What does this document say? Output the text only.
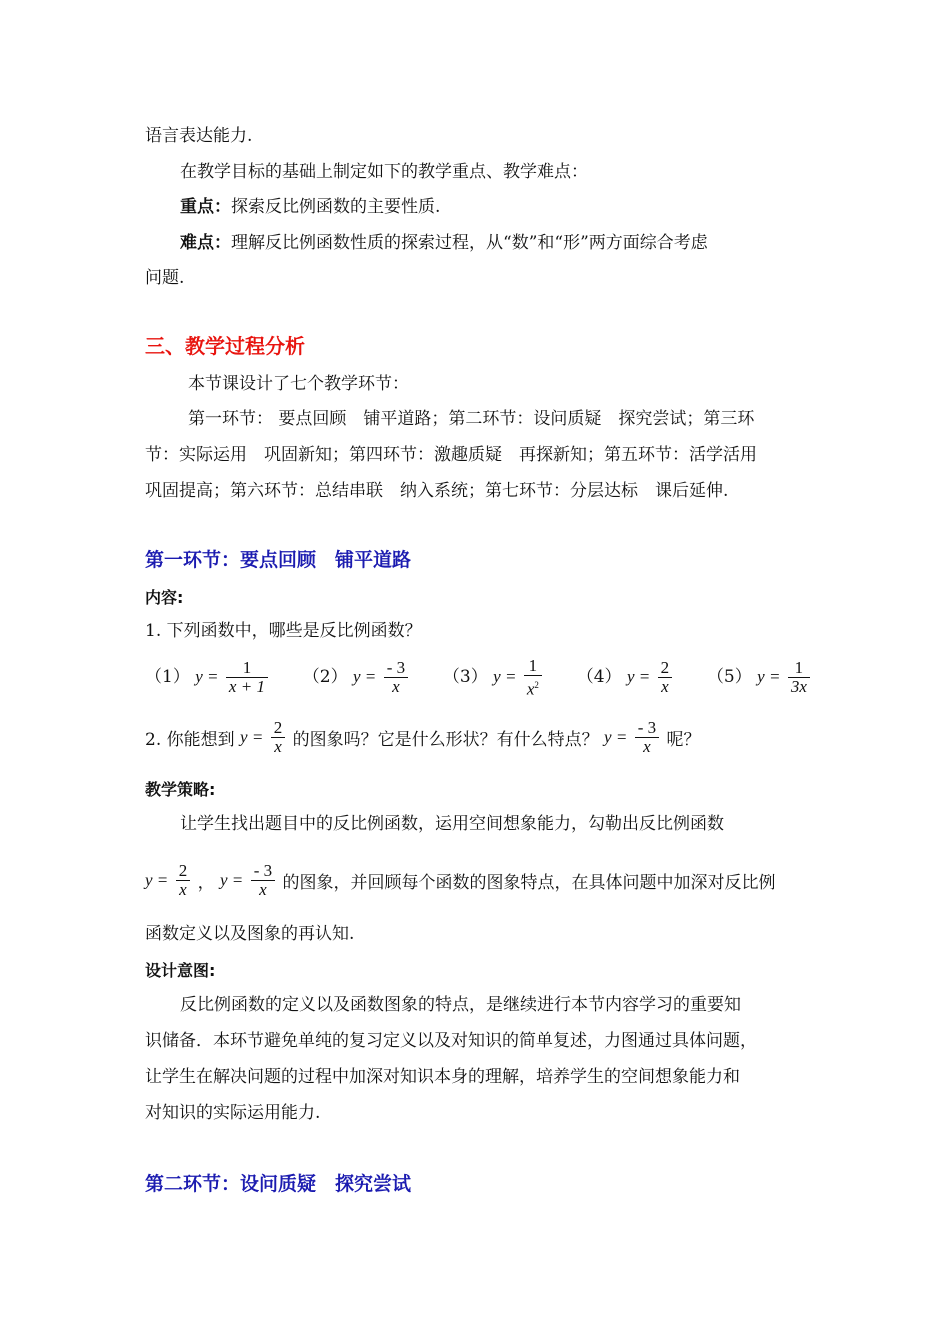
语言表达能力.
在教学目标的基础上制定如下的教学重点、教学难点：
重点：探索反比例函数的主要性质.
难点：理解反比例函数性质的探索过程，从“数”和“形”两方面综合考虑
问题.
三、教学过程分析
本节课设计了七个教学环节：
第一环节： 要点回顾　铺平道路；第二环节：设问质疑　探究尝试；第三环
节：实际运用　巩固新知；第四环节：激趣质疑　再探新知；第五环节：活学活用
巩固提高；第六环节：总结串联　纳入系统；第七环节：分层达标　课后延伸.
第一环节：要点回顾　铺平道路
内容:
1. 下列函数中，哪些是反比例函数？
（1） $y = \frac{1}{x + 1} (2) y = \frac{- 3}{x} (3) y = \frac{1}{x^2} (4) y = \frac{2}{x} (5) y = \frac{1}{3x}$
2. 你能想到 $y = \frac{2}{x}$ 的图象吗？它是什么形状？有什么特点？ $y = \frac{- 3}{x}$ 呢？
教学策略:
让学生找出题目中的反比例函数，运用空间想象能力，勾勒出反比例函数
$y = \frac{2}{x}$ ， $y = \frac{- 3}{x}$ 的图象，并回顾每个函数的图象特点，在具体问题中加深对反比例
函数定义以及图象的再认知.
设计意图:
反比例函数的定义以及函数图象的特点，是继续进行本节内容学习的重要知
识储备．本环节避免单纯的复习定义以及对知识的简单复述，力图通过具体问题，
让学生在解决问题的过程中加深对知识本身的理解，培养学生的空间想象能力和
对知识的实际运用能力.
第二环节：设问质疑　探究尝试
